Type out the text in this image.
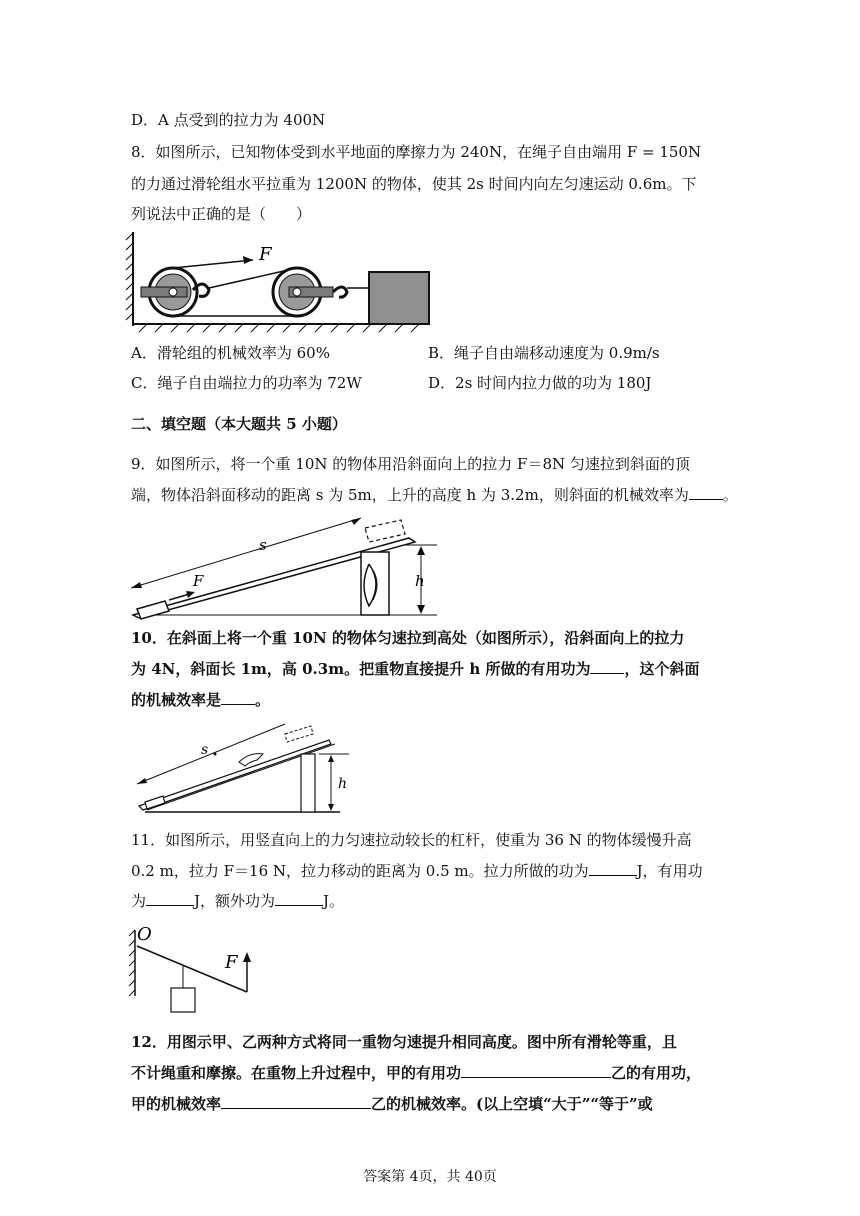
D．A 点受到的拉力为 400N
8．如图所示，已知物体受到水平地面的摩擦力为 240N，在绳子自由端用 F = 150N
的力通过滑轮组水平拉重为 1200N 的物体，使其 2s 时间内向左匀速运动 0.6m。下
列说法中正确的是（　　）
F
A．滑轮组的机械效率为 60%	B．绳子自由端移动速度为 0.9m/s
C．绳子自由端拉力的功率为 72W	D．2s 时间内拉力做的功为 180J
二、填空题（本大题共 5 小题）
9．如图所示，将一个重 10N 的物体用沿斜面向上的拉力 F＝8N 匀速拉到斜面的顶
端，物体沿斜面移动的距离 s 为 5m，上升的高度 h 为 3.2m，则斜面的机械效率为 。
F
s
h
10．在斜面上将一个重 10N 的物体匀速拉到高处（如图所示），沿斜面向上的拉力
为 4N，斜面长 1m，高 0.3m。把重物直接提升 h 所做的有用功为 ，这个斜面
的机械效率是 。
s
h
11．如图所示，用竖直向上的力匀速拉动较长的杠杆，使重为 36 N 的物体缓慢升高
0.2 m，拉力 F＝16 N，拉力移动的距离为 0.5 m。拉力所做的功为	J，有用功
为	J，额外功为	J。
O
F
12．用图示甲、乙两种方式将同一重物匀速提升相同高度。图中所有滑轮等重，且
不计绳重和摩擦。在重物上升过程中，甲的有用功	乙的有用功，
甲的机械效率	乙的机械效率。(以上空填“大于”“等于”或
答案第 4页，共 40页
